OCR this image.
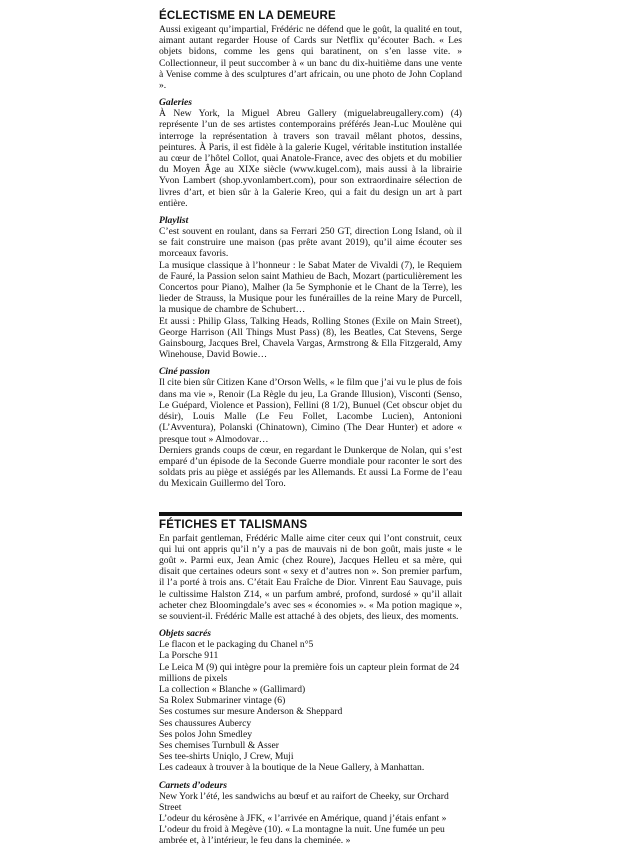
ÉCLECTISME EN LA DEMEURE

Aussi exigeant qu’impartial, Frédéric ne défend que le goût, la qualité en tout, aimant autant regarder House of Cards sur Netflix qu’écouter Bach. « Les objets bidons, comme les gens qui baratinent, on s’en lasse vite. » Collectionneur, il peut succomber à « un banc du dix-huitième dans une vente à Venise comme à des sculptures d’art africain, ou une photo de John Copland ».

Galeries

À New York, la Miguel Abreu Gallery (miguelabreugallery.com) (4) représente l’un de ses artistes contemporains préférés Jean-Luc Moulène qui interroge la représentation à travers son travail mêlant photos, dessins, peintures. À Paris, il est fidèle à la galerie Kugel, véritable institution installée au cœur de l’hôtel Collot, quai Anatole-France, avec des objets et du mobilier du Moyen Âge au XIXe siècle (www.kugel.com), mais aussi à la librairie Yvon Lambert (shop.yvonlambert.com), pour son extraordinaire sélection de livres d’art, et bien sûr à la Galerie Kreo, qui a fait du design un art à part entière.

Playlist

C’est souvent en roulant, dans sa Ferrari 250 GT, direction Long Island, où il se fait construire une maison (pas prête avant 2019), qu’il aime écouter ses morceaux favoris.

La musique classique à l’honneur : le Sabat Mater de Vivaldi (7), le Requiem de Fauré, la Passion selon saint Mathieu de Bach, Mozart (particulièrement les Concertos pour Piano), Malher (la 5e Symphonie et le Chant de la Terre), les lieder de Strauss, la Musique pour les funérailles de la reine Mary de Purcell, la musique de chambre de Schubert…

Et aussi : Philip Glass, Talking Heads, Rolling Stones (Exile on Main Street), George Harrison (All Things Must Pass) (8), les Beatles, Cat Stevens, Serge Gainsbourg, Jacques Brel, Chavela Vargas, Armstrong & Ella Fitzgerald, Amy Winehouse, David Bowie…

Ciné passion

Il cite bien sûr Citizen Kane d’Orson Wells, « le film que j’ai vu le plus de fois dans ma vie », Renoir (La Règle du jeu, La Grande Illusion), Visconti (Senso, Le Guépard, Violence et Passion), Fellini (8 1/2), Bunuel (Cet obscur objet du désir), Louis Malle (Le Feu Follet, Lacombe Lucien), Antonioni (L’Avventura), Polanski (Chinatown), Cimino (The Dear Hunter) et adore « presque tout » Almodovar…

Derniers grands coups de cœur, en regardant le Dunkerque de Nolan, qui s’est emparé d’un épisode de la Seconde Guerre mondiale pour raconter le sort des soldats pris au piège et assiégés par les Allemands. Et aussi La Forme de l’eau du Mexicain Guillermo del Toro.

FÉTICHES ET TALISMANS

En parfait gentleman, Frédéric Malle aime citer ceux qui l’ont construit, ceux qui lui ont appris qu’il n’y a pas de mauvais ni de bon goût, mais juste « le goût ». Parmi eux, Jean Amic (chez Roure), Jacques Helleu et sa mère, qui disait que certaines odeurs sont « sexy et d’autres non ». Son premier parfum, il l’a porté à trois ans. C’était Eau Fraîche de Dior. Vinrent Eau Sauvage, puis le cultissime Halston Z14, « un parfum ambré, profond, surdosé » qu’il allait acheter chez Bloomingdale’s avec ses « économies ». « Ma potion magique », se souvient-il. Frédéric Malle est attaché à des objets, des lieux, des moments.

Objets sacrés

Le flacon et le packaging du Chanel n°5

La Porsche 911

Le Leica M (9) qui intègre pour la première fois un capteur plein format de 24 millions de pixels

La collection « Blanche » (Gallimard)

Sa Rolex Submariner vintage (6)

Ses costumes sur mesure Anderson & Sheppard

Ses chaussures Aubercy

Ses polos John Smedley

Ses chemises Turnbull & Asser

Ses tee-shirts Uniqlo, J Crew, Muji

Les cadeaux à trouver à la boutique de la Neue Gallery, à Manhattan.

Carnets d’odeurs

New York l’été, les sandwichs au bœuf et au raifort de Cheeky, sur Orchard Street

L’odeur du kérosène à JFK, « l’arrivée en Amérique, quand j’étais enfant »

L’odeur du froid à Megève (10). « La montagne la nuit. Une fumée un peu ambrée et, à l’intérieur, le feu dans la cheminée. »
